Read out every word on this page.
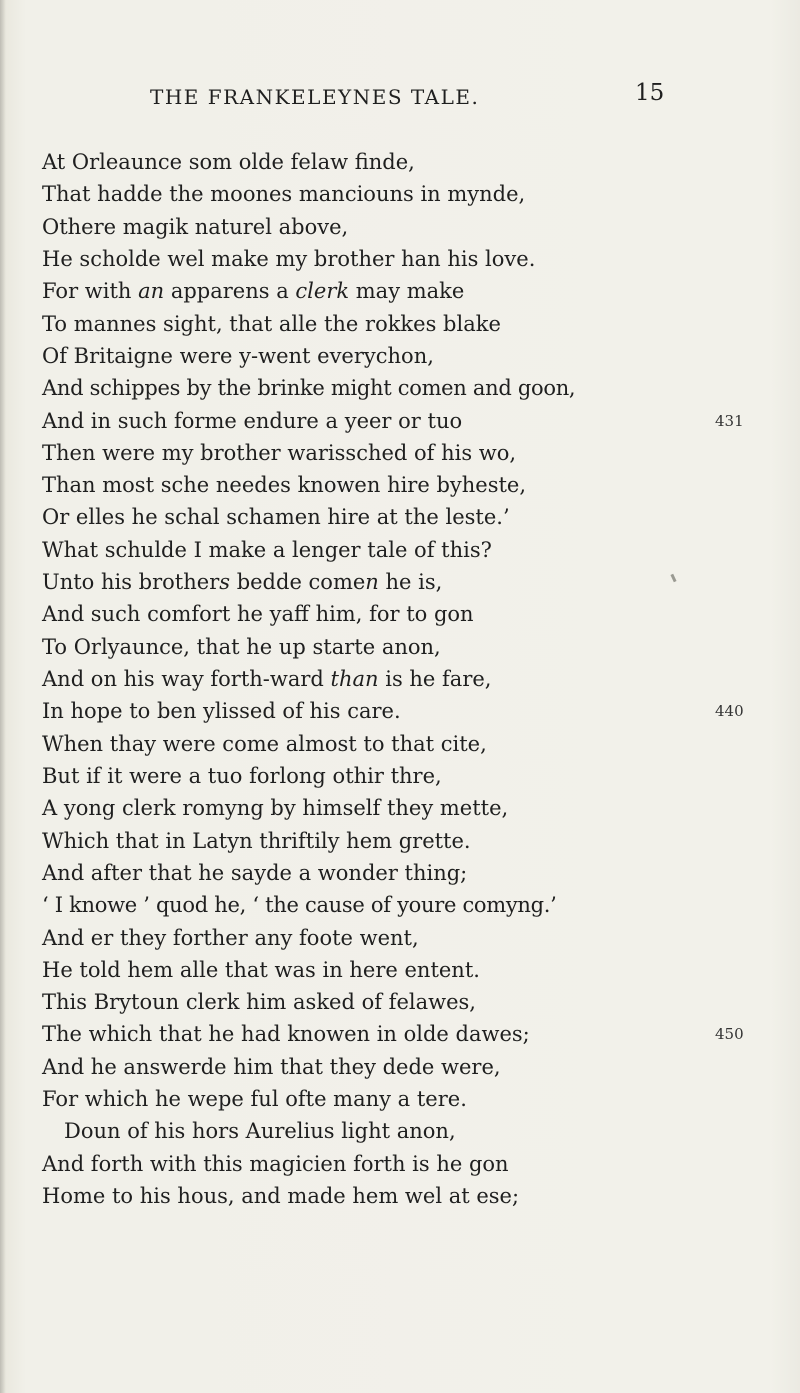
THE FRANKELEYNES TALE.	15
At Orleaunce som olde felaw finde,
That hadde the moones manciouns in mynde,
Othere magik naturel above,
He scholde wel make my brother han his love.
For with an apparens a clerk may make
To mannes sight, that alle the rokkes blake
Of Britaigne were y-went everychon,
And schippes by the brinke might comen and goon,
And in such forme endure a yeer or tuo	431
Then were my brother warissched of his wo,
Than most sche needes knowen hire byheste,
Or elles he schal schamen hire at the leste.’
What schulde I make a lenger tale of this?
Unto his brothers bedde comen he is,
And such comfort he yaff him, for to gon
To Orlyaunce, that he up starte anon,
And on his way forth-ward than is he fare,
In hope to ben ylissed of his care.	440
When thay were come almost to that cite,
But if it were a tuo forlong othir thre,
A yong clerk romyng by himself they mette,
Which that in Latyn thriftily hem grette.
And after that he sayde a wonder thing;
‘ I knowe ’ quod he, ‘ the cause of youre comyng.’
And er they forther any foote went,
He told hem alle that was in here entent.
This Brytoun clerk him asked of felawes,
The which that he had knowen in olde dawes;	450
And he answerde him that they dede were,
For which he wepe ful ofte many a tere.
Doun of his hors Aurelius light anon,
And forth with this magicien forth is he gon
Home to his hous, and made hem wel at ese;
